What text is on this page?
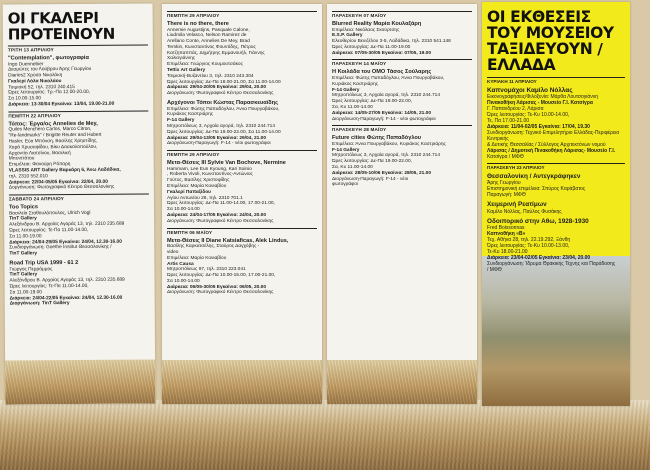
ΟΙ ΓΚΑΛΕΡΙ
ΠΡΟΤΕΙΝΟΥΝ
ΤΡΙΤΗ 13 ΑΠΡΙΛΙΟΥ
"Contemplation", φωτογραφία
Ingo Duennebier
Δεσμώτες του Λούβρου Άρης Γεωργίου
Diaries2 Χρύσα Νικολάκη
Γκαλερί Λόλα Νικολάου
Τσιμισκή 52, τηλ. 2310 240.415
Ώρες λειτουργίας: Τρ.-Πα 12.00-20.00,
Σα 10.00-15.00
Διάρκεια: 13-30/04 Εγκαίνια: 13/04, 19.00-21.00
ΠΕΜΠΤΗ 22 ΑΠΡΙΛΙΟΥ
Τόπος: Έργα/ος Annelies de Mey,
Quiles Menchero Carlos, Marco Citron,
"Re-landmarks" / Brigitte Reuter and Hubert
Hasler, Εύα Μπόνση, Βασίλης Χρηστίδης,
Χαρά Χρυσαφίδου, Βίκυ Δασκαλοπούλου,
Αρχοντία Λιατσίνου, Βασιλική
Μπενετάτου
Επιμέλεια: Φανούρη Ρόπαρη
VLASSIS ART Gallery Βαρκάρη 6, Άνω Λαδάδικα,
τηλ. 2310 552.010
Διάρκεια: 22/04-05/05 Εγκαίνια: 22/04, 20.00
Δοργάνωση: Φωτογραφικό Κέντρο Θεσσαλονίκης
ΣΑΒΒΑΤΟ 24 ΑΠΡΙΛΙΟΥ
Too Topics
Βασιλεία Σταθουλόπουλος, Ulrich Vogl
TinT Gallery
Αλεξάνδρου Β. Αρχαίας Αγοράς 13, τηλ. 2310 235.689
Ώρες λειτουργίας: Τε-Πα 11.00-14.00,
Σα 11.00-19.00
Διάρκεια: 24/04-29/05 Εγκαίνια: 24/04, 12.30-16.00
Συνδιοργάνωση: Goethe Institut Θεσσαλονίκης /
TinT Gallery
Road Trip USA 1999 - 61 2
Γιώργος Περράμμος
TinT Gallery
Αλεξάνδρου Β. Αρχαίας Αγοράς 13, τηλ. 2310 235.689
Ώρες λειτουργίας: Τε-Πα 11.00-14.00,
Σα 11.00-19.00
Διάρκεια: 24/04-22/05 Εγκαίνια: 24/04, 12.30-16.00
Διοργάνωση: TinT Gallery
ΠΕΜΠΤΗ 29 ΑΠΡΙΛΙΟΥ
There is no there, there
Annemie Augustijns, Pasquale Calone,
Liudmila Velasco, Nelson Ramirez de
Arellano Conte, Annelies De Mey, Brad
Temkin, Κωνσταντίνος Φουντίδης, Πέτρος
Κατζηπαππάς, Δημήτρης Εμμανουήλ, Γιάννης
Χαλιογιάννης
Επιμέλεια: Γεώργιος Κουμουτσάκος
Tettix Art Gallery
Τσιμισκή-Βυζαντίου 3, τηλ. 2310 243.304
Ώρες λειτουργίας: Δε-Πα 18.00-21.00, Σα 11.00-14.00
Διάρκεια: 29/04-20/05 Εγκαίνια: 29/04, 20.00
Διοργάνωση: Φωτογραφικό Κέντρο Θεσσαλονίκης
Αρχέγονοι Τόποι Κώστας Παρασκευαϊδης
Επιμέλεια: Φώτης Παπαδόγλου, Άννα Πουργαβάκου,
Κυριάκος Καστριάρης
F-14 Gallery
Μητροπόλεως 3, Αρχαία αγορά, τηλ. 2310 244.714
Ώρες λειτουργίας: Δε-Πα 19.00-22.00, Σα 11.00-14.00
Διάρκεια: 29/04-13/05 Εγκαίνια: 29/04, 21.00
Διοργάνωση-Παραγωγή: F-14 - νέοι φωτογράφοι
ΠΕΜΠΤΗ 29 ΑΠΡΙΛΙΟΥ
Μετα-Θέσεις III Sylvie Van Bochove, Nermine
Hammam, Lee Eun Kyoung, Kari Soinio
, Roberta Vivoli, Κωνσταντίνος-Αντώνιος
Γούτος, Βασίλης Χριστοφίδης
Επιμέλεια: Μαρία Κονιαβίου
Γκαλερί Παπαξίδου
Αγίου Αντωνίου 26, τηλ. 2310 701.1
Ώρες λειτουργίας: Δε-Πα 11.00-14.00, 17.00-21.00,
Σα 10.00-14.00
Διάρκεια: 24/04-17/05 Εγκαίνια: 24/04, 20.00
Διοργάνωση: Φωτογραφικό Κέντρο Θεσσαλονίκης
ΠΕΜΠΤΗ 06 ΜΑΪΟΥ
Μετα-Θέσεις II Diane Katsiaficas, Alek Lindus,
Βασίλης Καρκατσέλης, Σταύρος Δαγχόβης -
video
Επιμέλεια: Μαρία Κονιαβίου
Artis Causa
Μητροπόλεως 97, τηλ. 2310 223.041
Ώρες λειτουργίας: Δε-Πα 10.00-15.00, 17.00-21.00,
Σα 10.00-14.00
Διάρκεια: 06/05-30/05 Εγκαίνια: 06/05, 20.00
Διοργάνωση: Φωτογραφικό Κέντρο Θεσσαλονίκης
ΠΑΡΑΣΚΕΥΗ 07 ΜΑΪΟΥ
Blurred Reality Μαρία Κουλαξάρη
Επιμέλεια: Νικόλαος Σκούρτσης
E.S.P. Gallery
Ελευθερίου Βενιζέλου 3-5, Λαδάδικα, τηλ. 2310 541.148
Ώρες λειτουργίας: Δε-Πα 11.00-19.00
Διάρκεια: 07/05-30/05 Εγκαίνια: 07/05, 19.00
ΠΑΡΑΣΚΕΥΗ 14 ΜΑΪΟΥ
Η Κοιλάδα του ΟΜΟ Τάσος Σούλαρης
Επιμέλεια: Φώτης Παπαδόγλου, Άννα Πουργαβάκου,
Κυριάκος Καστριάρης
F-14 Gallery
Μητροπόλεως 3, Αρχαία αγορά, τηλ. 2310 244.714
Ώρες λειτουργίας: Δε-Πα 19.00-22.00,
Σα, Κυ 11.00-14.00
Διάρκεια: 14/05-27/05 Εγκαίνια: 14/05, 21.00
Διοργάνωση-Παραγωγή: F-14 - νέοι φωτογράφοι
ΠΑΡΑΣΚΕΥΗ 28 ΜΑΪΟΥ
Future cities Φώτης Παπαδόγλου
Επιμέλεια: Άννα Πουργαβάκου, Κυριάκος Καστριάρης
F-14 Gallery
Μητροπόλεως 3, Αρχαία αγορά, τηλ. 2310 244.714
Ώρες λειτουργίας: Δε-Πα 19.00-22.00,
Σα, Κυ 11.00-14.00
Διάρκεια: 28/05-10/06 Εγκαίνια: 28/05, 21.00
Διοργάνωση-Παραγωγή: F-14 - νέοι
φωτογράφοι
ΟΙ ΕΚΘΕΣΕΙΣ
ΤΟΥ ΜΟΥΣΕΙΟΥ
ΤΑΞΙΔΕΥΟΥΝ /
ΕΛΛΑΔΑ
ΚΥΡΙΑΚΗ 11 ΑΠΡΙΛΙΟΥ
Καπνομάχοι Καμίλο Νόλλας
Εικονογραφήσεις/Φιλοξενία: Μάρθα Λουτσογιάννη
Πινακοθήκη Λάρισας - Μουσείο Γ.Ι. Κατσίγρα
Γ. Παπανδρέου 2, Λάρισα
Ώρες λειτουργίας: Τε-Κυ 10.00-14.00,
Τε, Πα 17.00-21.00
Διάρκεια: 11/04-02/05 Εγκαίνια: 17/04, 19.30
Συνδιοργάνωση: Τεχνικό Επιμελητήριο Ελλάδας-Περιφέρεια Κεντρικής
& Δυτικής Θεσσαλίας / Σύλλογος Αρχιτεκτόνων νομού
Λάρισας / Δημοτική Πινακοθήκη Λάρισας- Μουσείο Γ.Ι.
Κατσίγρα / ΜΦΘ
ΠΑΡΑΣΚΕΥΗ 23 ΑΠΡΙΛΙΟΥ
Θεσσαλονίκη / Αντεγκράφηκεν
Άρης Γεωργίου
Επιστημονική επιμέλεια: Σπύρος Καράβατος
Παραγωγή: ΜΦΘ
Χειμερινή Ρεατίμων
Καμίλο Νόλλας, Παύλος Φυσάκης
Οδοιπορικό στην Αθω, 1928-1930
Fred Boissonnas
Καπνοθήκη «Β»
Τεχ. Αθήνα 28, τηλ. 22.19.292, Ξάνθη
Ώρες λειτουργίας: Τε-Κυ 10.00-13.00,
Τε-Κυ 18.00-21.00
Διάρκεια: 23/04-02/05 Εγκαίνια: 23/04, 20.00
Συνδιοργάνωση: Ίδρυμα Θρακικής Τέχνης και Παράδοσης
/ ΜΦΘ
